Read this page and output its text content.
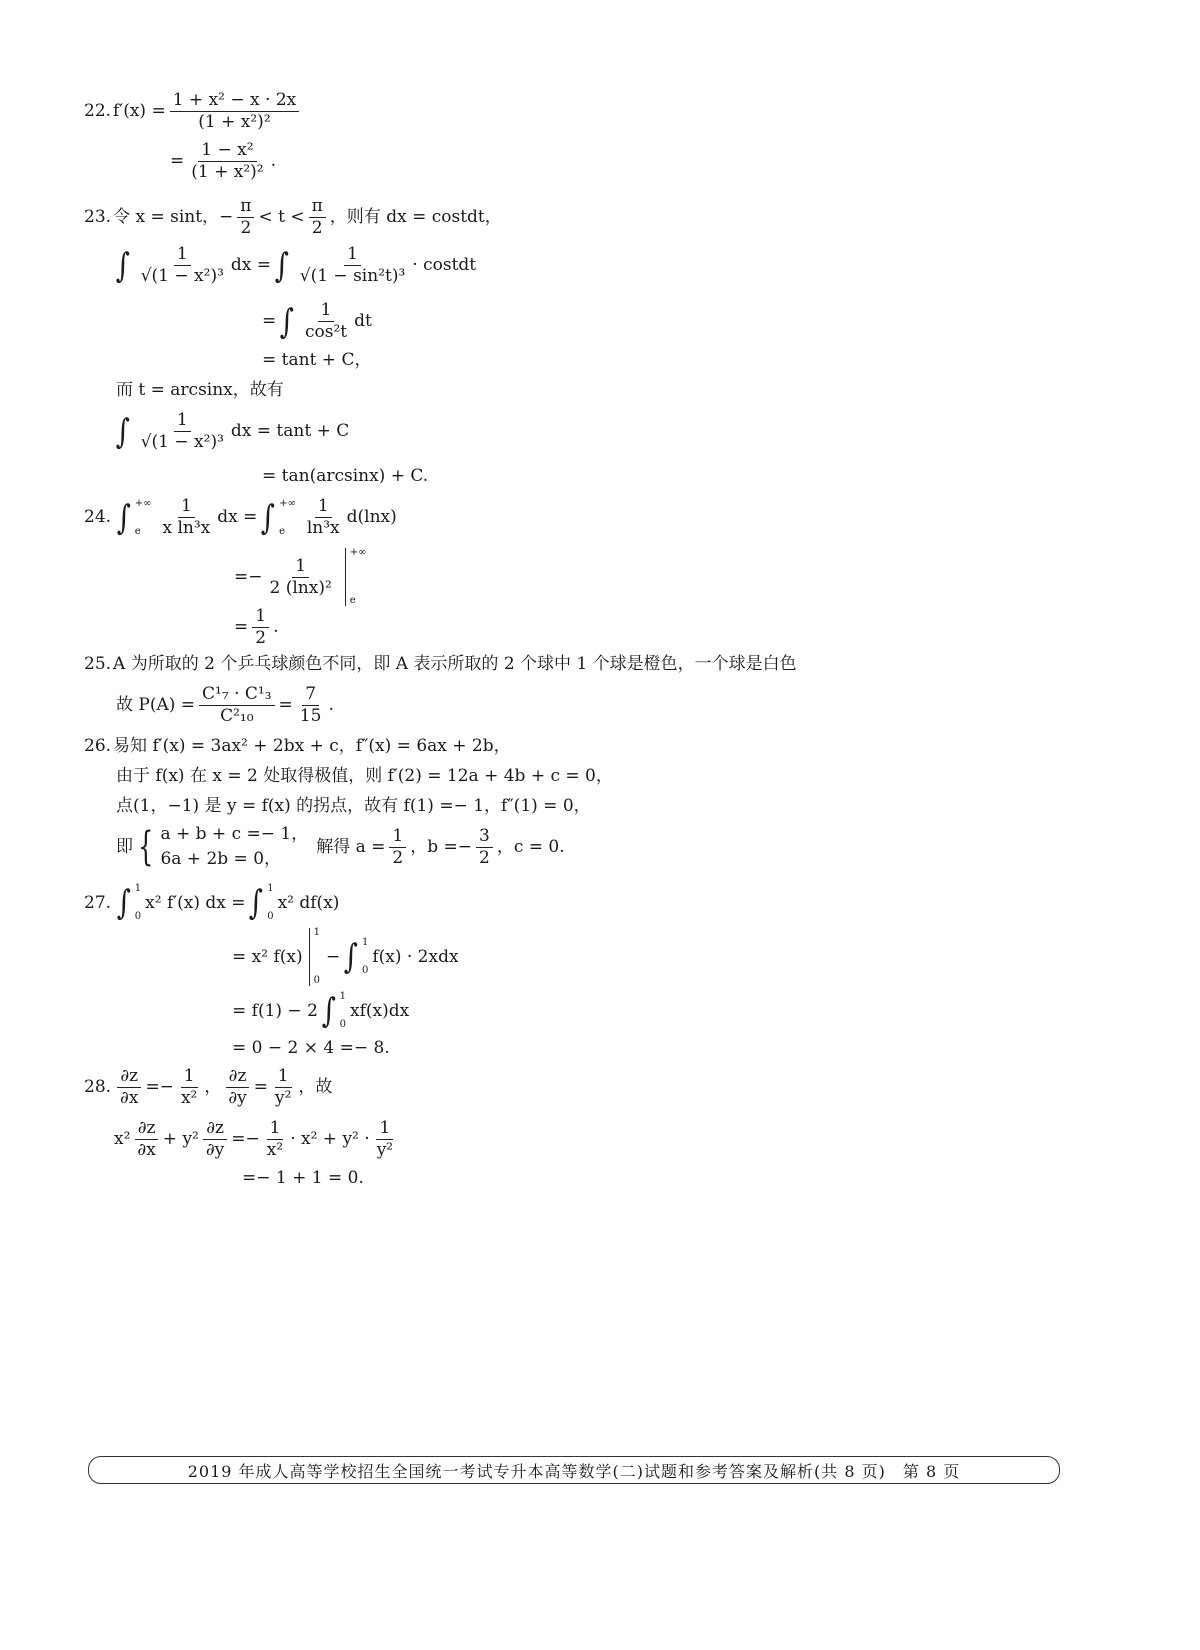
22. $f'(x) = \frac{\text{1 + x² − x · 2x}}{\text{(1 + x²)²}}$
= $\frac{\text{1 − x²}}{\text{(1 + x²)²}}$ .
23. 令 x = sint，− $\frac{\pi}{2} < t < \frac{\pi}{2}$ ，则有 dx = costdt，
∫ $\frac{1}{\text{√(1 − x²)³}}$ dx = ∫ $\frac{1}{\text{√(1 − sin²t)³}}$ · costdt
= ∫ $\frac{1}{\text{cos²t}}$ dt
= tant + C，
而 t = arcsinx，故有
∫ $\frac{1}{\text{√(1 − x²)³}}$ dx = tant + C
= tan(arcsinx) + C.
24. ∫ +∞
e	$\frac{1}{\text{x ln³x}}$ dx = ∫ +∞
e	$\frac{1}{\text{ln³x}} d(\ln x)$
=− $\frac{1}{\text{2 (lnx)²}}$
+∞
e
= $\frac{1}{2}$ .
25. A 为所取的 2 个乒乓球颜色不同，即 A 表示所取的 2 个球中 1 个球是橙色，一个球是白色
故 $P(A) = \frac{\text{C¹₇ · C¹₃}}{\text{C²₁₀}} = \frac{7}{15}$ .
26. 易知 f′(x) = 3ax² + 2bx + c，f″(x) = 6ax + 2b，
由于 f(x) 在 x = 2 处取得极值，则 f′(2) = 12a + 4b + c = 0，
点(1，−1) 是 y = f(x) 的拐点，故有 f(1) =− 1，f″(1) = 0，
即 { a + b + c =− 1，
6a + 2b = 0，
解得 $a = \frac{1}{2}$ ，$b =- \frac{3}{2}$ ，c = 0.
27. ∫ 1
0
x² f′(x) dx = ∫ 1
0
x² df(x)
= x² f(x)
1
0
− ∫ 1
0
f(x) · 2xdx
= f(1) − 2 ∫ 1
0
xf(x)dx
= 0 − 2 × 4 =− 8.
28. $\frac{\partial z}{\partial x} =- \frac{1}{\text{x²}}$ ， $\frac{\partial z}{\partial y} = \frac{1}{\text{y²}}$ ，故
$x^2 \frac{\partial z}{\partial x} + y^2 \frac{\partial z}{\partial y} =- \frac{1}{\text{x²}} \cdot x^2 + y^2 \cdot \frac{1}{\text{y²}}$
=− 1 + 1 = 0.
2019 年成人高等学校招生全国统一考试专升本高等数学(二)试题和参考答案及解析(共 8 页)　第 8 页
